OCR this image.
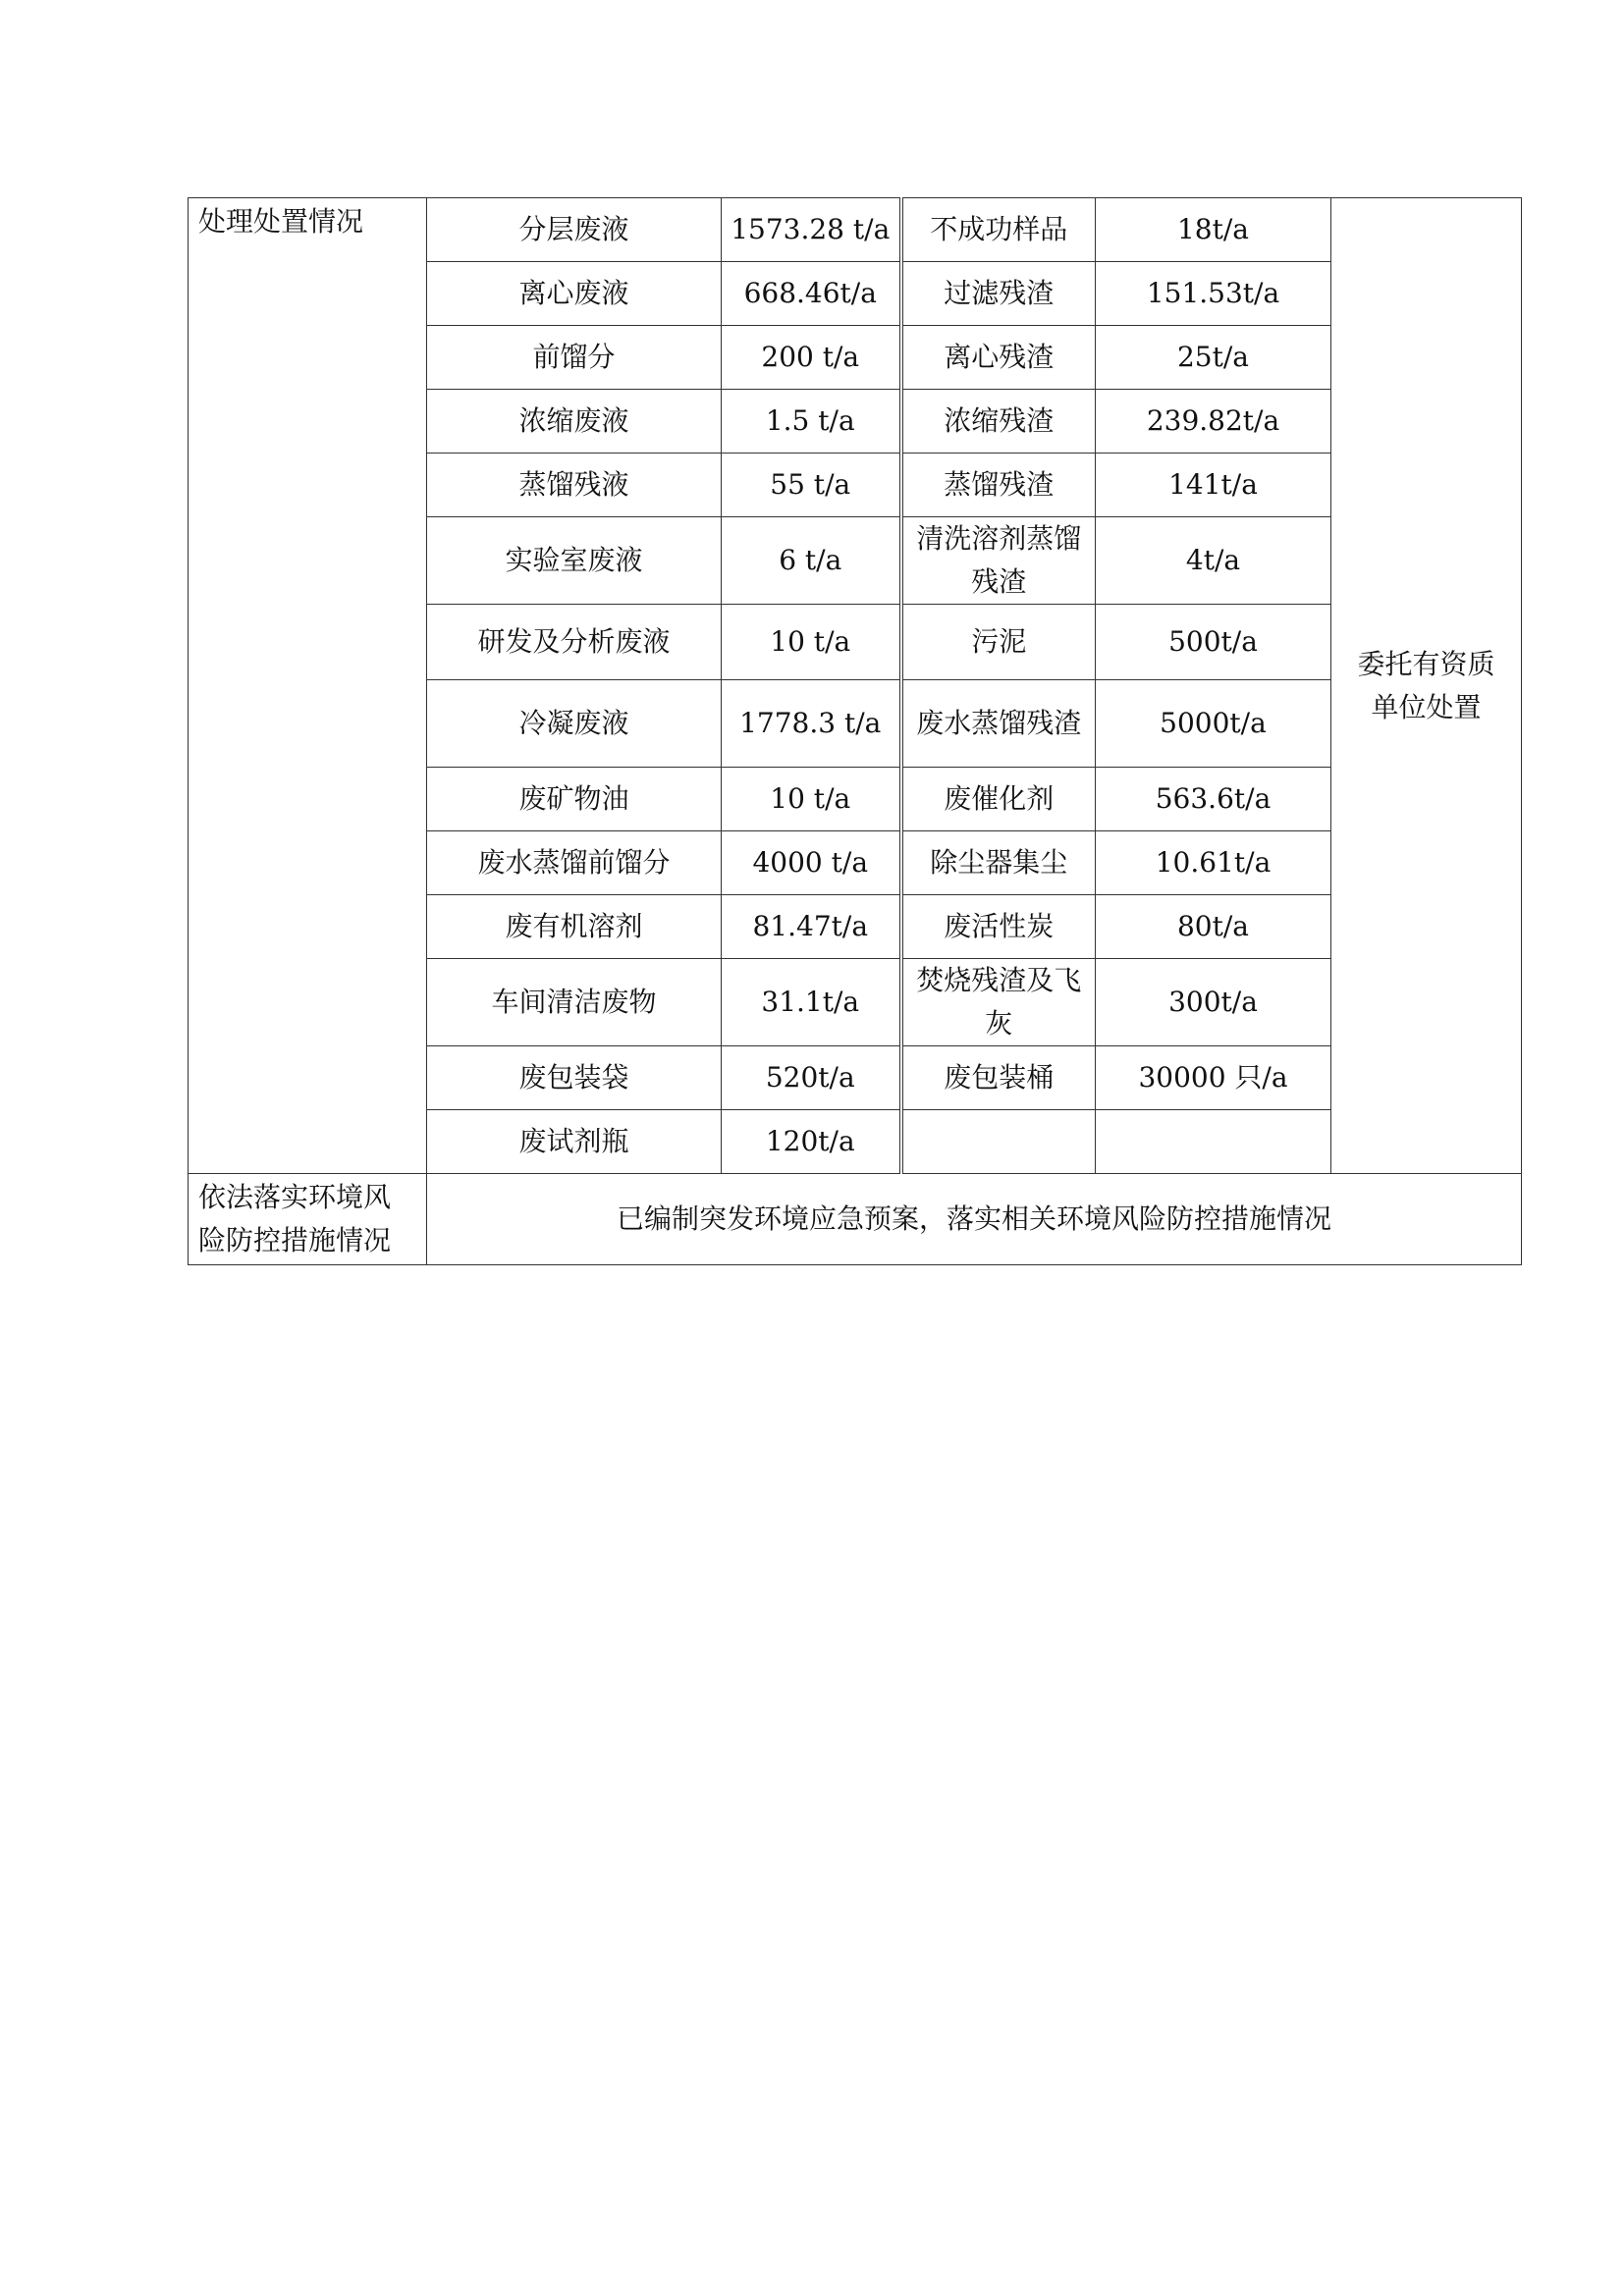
处理处置情况	分层废液	1573.28 t/a	不成功样品	18t/a	委托有资质单位处置

	离心废液	668.46t/a	过滤残渣	151.53t/a	
	前馏分	200 t/a	离心残渣	25t/a	
	浓缩废液	1.5 t/a	浓缩残渣	239.82t/a	
	蒸馏残液	55 t/a	蒸馏残渣	141t/a	
	实验室废液	6 t/a	清洗溶剂蒸馏残渣	4t/a	
	研发及分析废液	10 t/a	污泥	500t/a	
	冷凝废液	1778.3 t/a	废水蒸馏残渣	5000t/a	
	废矿物油	10 t/a	废催化剂	563.6t/a	
	废水蒸馏前馏分	4000 t/a	除尘器集尘	10.61t/a	
	废有机溶剂	81.47t/a	废活性炭	80t/a	
	车间清洁废物	31.1t/a	焚烧残渣及飞灰	300t/a	
	废包装袋	520t/a	废包装桶	30000 只/a	
	废试剂瓶	120t/a			

依法落实环境风险防控措施情况	已编制突发环境应急预案，落实相关环境风险防控措施情况				
